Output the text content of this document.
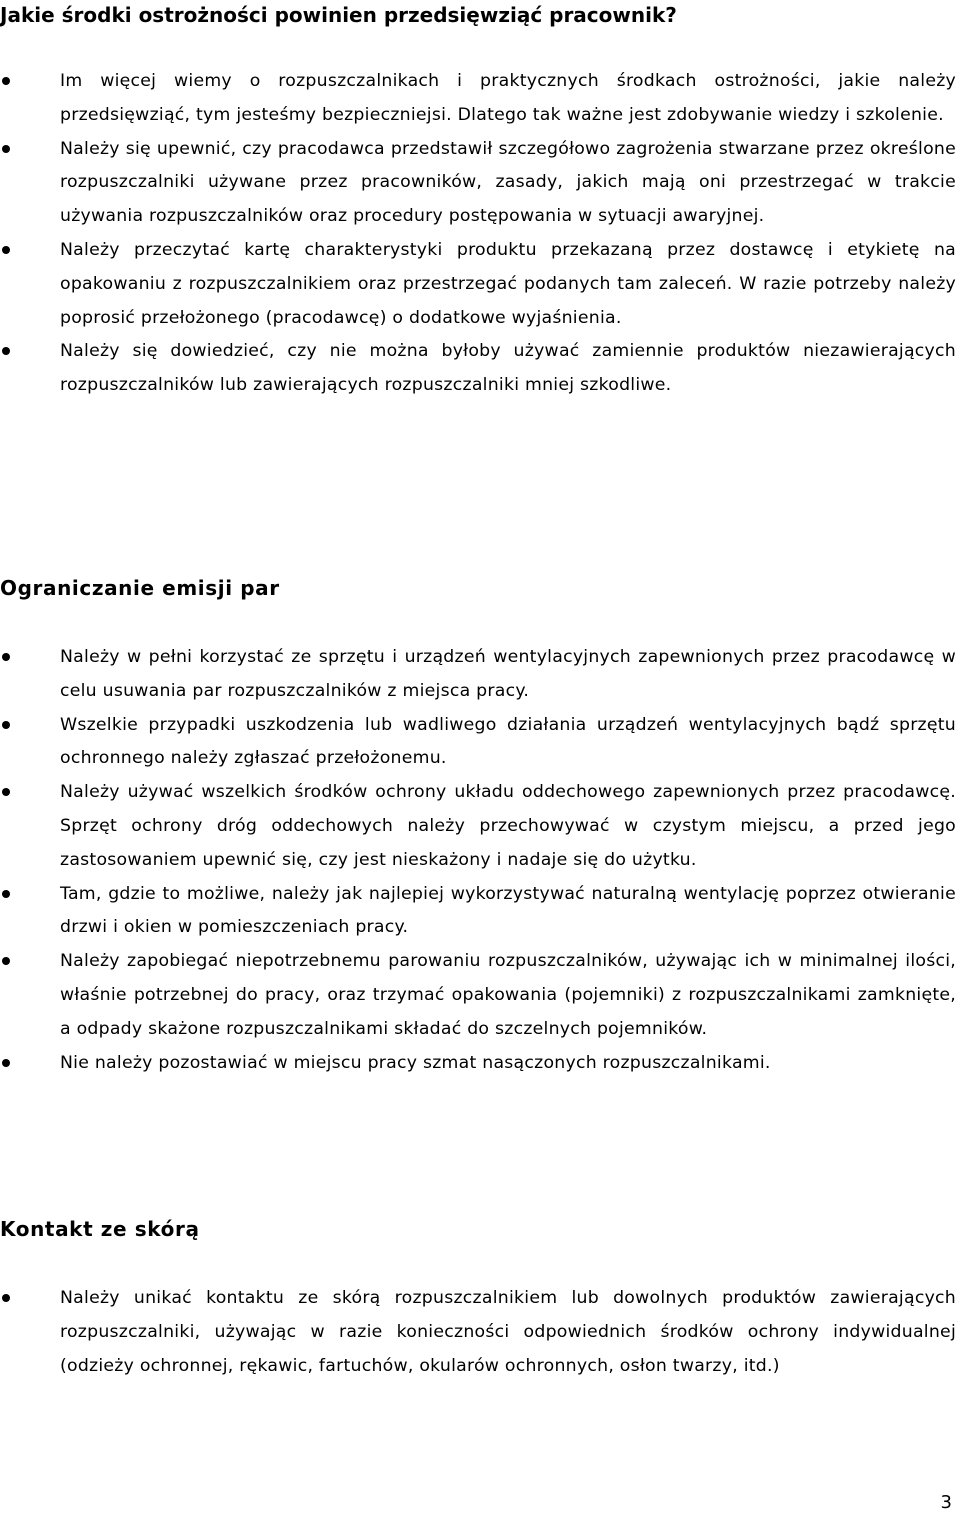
Jakie środki ostrożności powinien przedsięwziąć pracownik?
Im więcej wiemy o rozpuszczalnikach i praktycznych środkach ostrożności, jakie należy przedsięwziąć, tym jesteśmy bezpieczniejsi. Dlatego tak ważne jest zdobywanie wiedzy i szkolenie.
Należy się upewnić, czy pracodawca przedstawił szczegółowo zagrożenia stwarzane przez określone rozpuszczalniki używane przez pracowników, zasady, jakich mają oni przestrzegać w trakcie używania rozpuszczalników oraz procedury postępowania w sytuacji awaryjnej.
Należy przeczytać kartę charakterystyki produktu przekazaną przez dostawcę i etykietę na opakowaniu z rozpuszczalnikiem oraz przestrzegać podanych tam zaleceń. W razie potrzeby należy poprosić przełożonego (pracodawcę) o dodatkowe wyjaśnienia.
Należy się dowiedzieć, czy nie można byłoby używać zamiennie produktów niezawierających rozpuszczalników lub zawierających rozpuszczalniki mniej szkodliwe.
Ograniczanie emisji par
Należy w pełni korzystać ze sprzętu i urządzeń wentylacyjnych zapewnionych przez pracodawcę w celu usuwania par rozpuszczalników z miejsca pracy.
Wszelkie przypadki uszkodzenia lub wadliwego działania urządzeń wentylacyjnych bądź sprzętu ochronnego należy zgłaszać przełożonemu.
Należy używać wszelkich środków ochrony układu oddechowego zapewnionych przez pracodawcę. Sprzęt ochrony dróg oddechowych należy przechowywać w czystym miejscu, a przed jego zastosowaniem upewnić się, czy jest nieskażony i nadaje się do użytku.
Tam, gdzie to możliwe, należy jak najlepiej wykorzystywać naturalną wentylację poprzez otwieranie drzwi i okien w pomieszczeniach pracy.
Należy zapobiegać niepotrzebnemu parowaniu rozpuszczalników, używając ich w minimalnej ilości, właśnie potrzebnej do pracy, oraz trzymać opakowania (pojemniki) z rozpuszczalnikami zamknięte, a odpady skażone rozpuszczalnikami składać do szczelnych pojemników.
Nie należy pozostawiać w miejscu pracy szmat nasączonych rozpuszczalnikami.
Kontakt ze skórą
Należy unikać kontaktu ze skórą rozpuszczalnikiem lub dowolnych produktów zawierających rozpuszczalniki, używając w razie konieczności odpowiednich środków ochrony indywidualnej (odzieży ochronnej, rękawic, fartuchów, okularów ochronnych, osłon twarzy, itd.)
3
